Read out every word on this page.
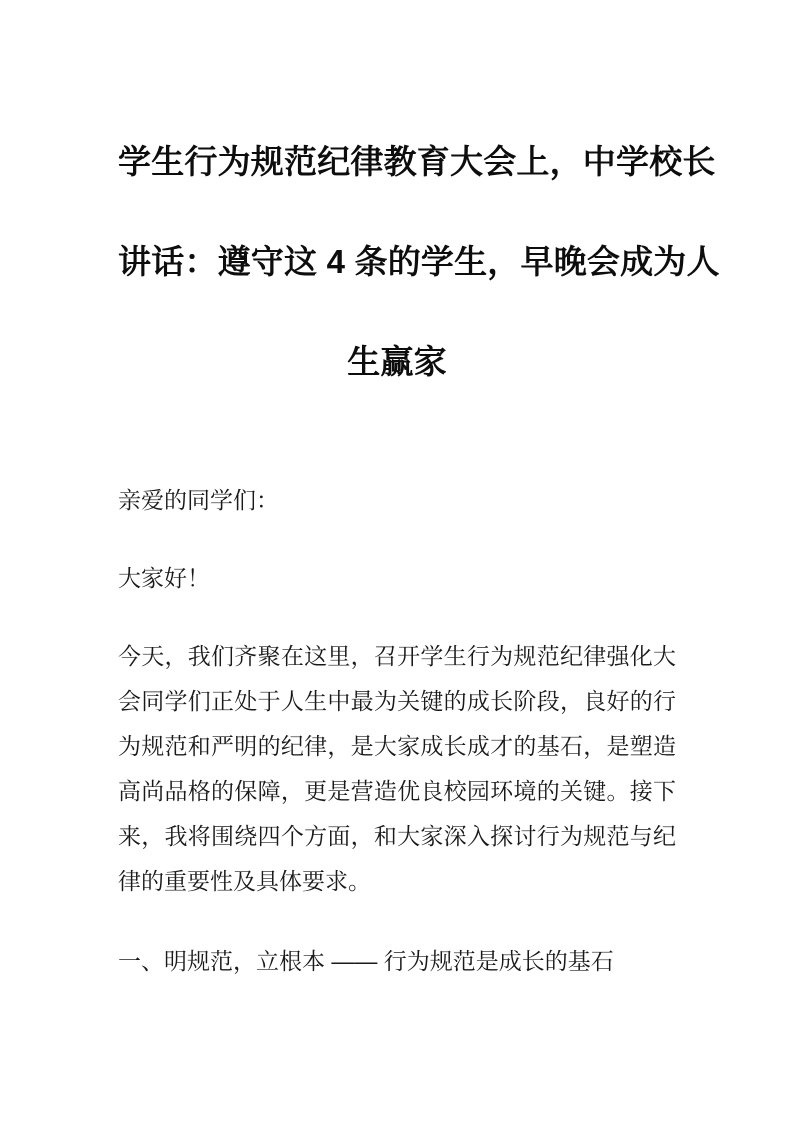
学生行为规范纪律教育大会上，中学校长
讲话：遵守这 4 条的学生，早晚会成为人
生赢家

亲爱的同学们：

大家好！

今天，我们齐聚在这里，召开学生行为规范纪律强化大会同学们正处于人生中最为关键的成长阶段，良好的行为规范和严明的纪律，是大家成长成才的基石，是塑造高尚品格的保障，更是营造优良校园环境的关键。接下来，我将围绕四个方面，和大家深入探讨行为规范与纪律的重要性及具体要求。

一、明规范，立根本 —— 行为规范是成长的基石
